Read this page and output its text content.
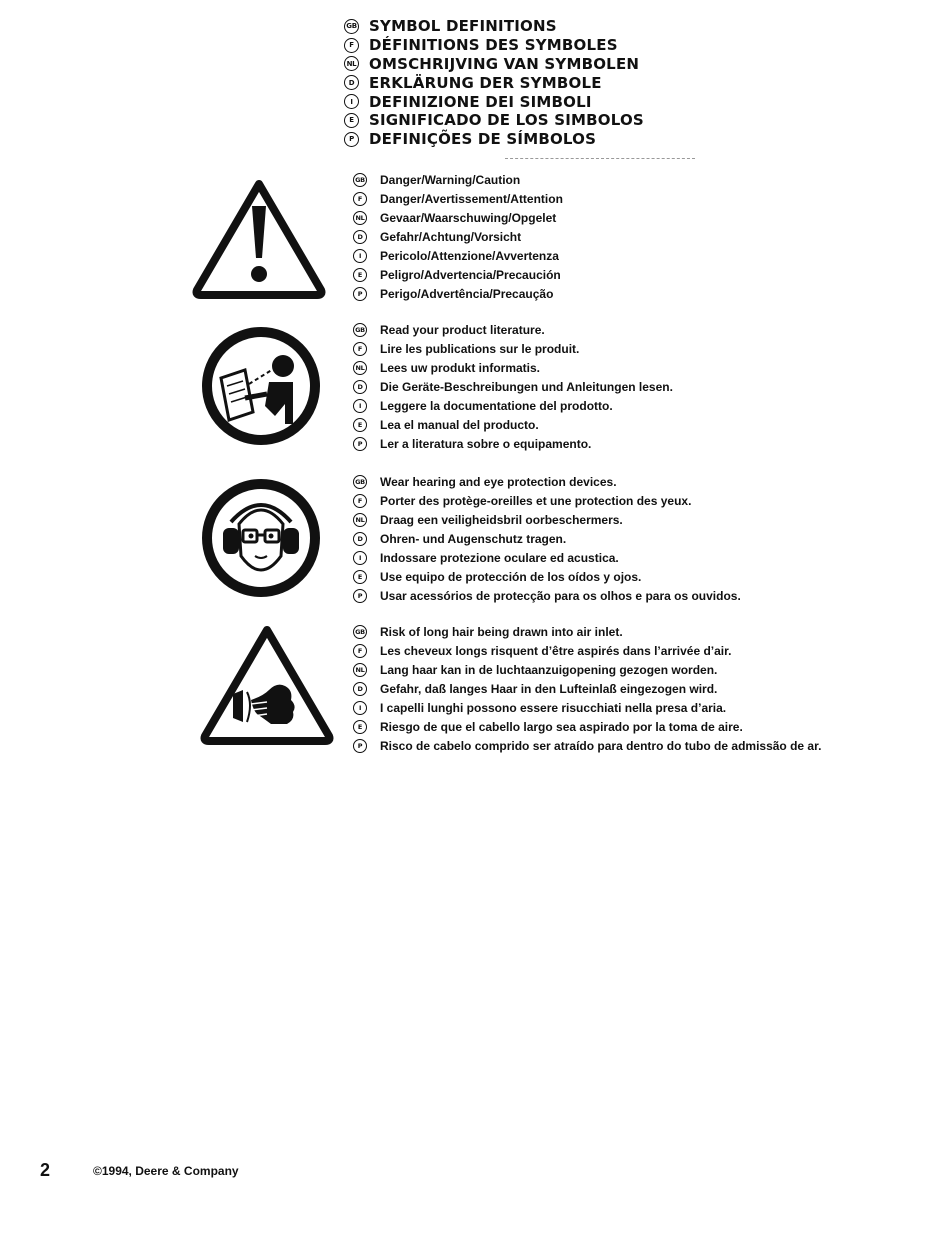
GB SYMBOL DEFINITIONS
F	DÉFINITIONS DES SYMBOLES
NL OMSCHRIJVING VAN SYMBOLEN
D ERKLÄRUNG DER SYMBOLE
I	DEFINIZIONE DEI SIMBOLI
E	SIGNIFICADO DE LOS SIMBOLOS
P	DEFINIÇÕES DE SÍMBOLOS
GB Danger/Warning/Caution
F	Danger/Avertissement/Attention
NL Gevaar/Waarschuwing/Opgelet
D	Gefahr/Achtung/Vorsicht
I	Pericolo/Attenzione/Avvertenza
E	Peligro/Advertencia/Precaución
P	Perigo/Advertência/Precaução
GB Read your product literature.
F	Lire les publications sur le produit.
NL Lees uw produkt informatis.
D	Die Geräte-Beschreibungen und Anleitungen lesen.
I	Leggere la documentatione del prodotto.
E	Lea el manual del producto.
P	Ler a literatura sobre o equipamento.
GB Wear hearing and eye protection devices.
F	Porter des protège-oreilles et une protection des yeux.
NL Draag een veiligheidsbril oorbeschermers.
D	Ohren- und Augenschutz tragen.
I	Indossare protezione oculare ed acustica.
E	Use equipo de protección de los oídos y ojos.
P	Usar acessórios de protecção para os olhos e para os ouvidos.
GB Risk of long hair being drawn into air inlet.
F	Les cheveux longs risquent d’être aspirés dans l’arrivée d’air.
NL Lang haar kan in de luchtaanzuigopening gezogen worden.
D	Gefahr, daß langes Haar in den Lufteinlaß eingezogen wird.
I	I capelli lunghi possono essere risucchiati nella presa d’aria.
E	Riesgo de que el cabello largo sea aspirado por la toma de aire.
P	Risco de cabelo comprido ser atraído para dentro do tubo de admissão de ar.
2	©1994, Deere & Company
